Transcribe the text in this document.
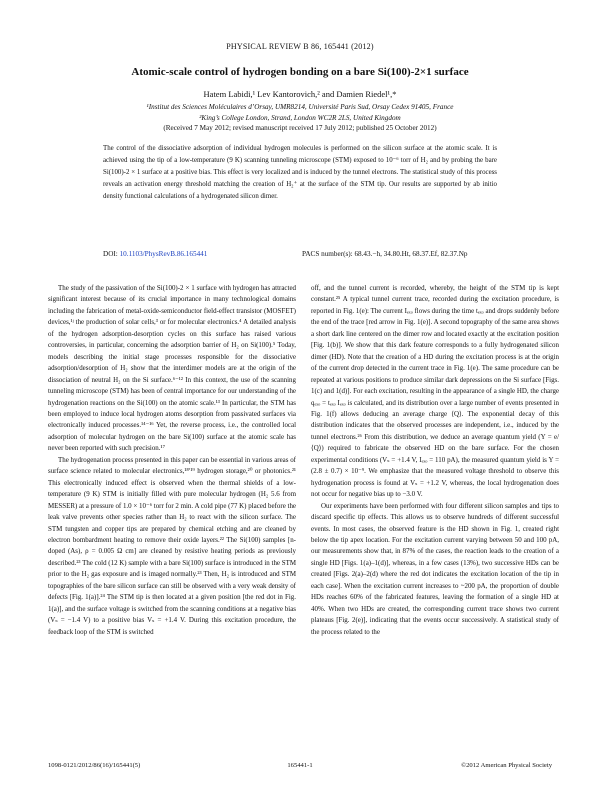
PHYSICAL REVIEW B 86, 165441 (2012)
Atomic-scale control of hydrogen bonding on a bare Si(100)-2×1 surface
Hatem Labidi,¹ Lev Kantorovich,² and Damien Riedel¹,*
¹Institut des Sciences Moléculaires d’Orsay, UMR8214, Université Paris Sud, Orsay Cedex 91405, France
²King’s College London, Strand, London WC2R 2LS, United Kingdom
(Received 7 May 2012; revised manuscript received 17 July 2012; published 25 October 2012)

The control of the dissociative adsorption of individual hydrogen molecules is performed on the silicon surface at the atomic scale. It is achieved using the tip of a low-temperature (9 K) scanning tunneling microscope (STM) exposed to 10⁻⁶ torr of H₂ and by probing the bare Si(100)-2 × 1 surface at a positive bias. This effect is very localized and is induced by the tunnel electrons. The statistical study of this process reveals an activation energy threshold matching the creation of H₂⁺ at the surface of the STM tip. Our results are supported by ab initio density functional calculations of a hydrogenated silicon dimer.

DOI: 10.1103/PhysRevB.86.165441	PACS number(s): 68.43.−h, 34.80.Ht, 68.37.Ef, 82.37.Np

The study of the passivation of the Si(100)-2 × 1 surface with hydrogen has attracted significant interest because of its crucial importance in many technological domains including the fabrication of metal-oxide-semiconductor field-effect transistor (MOSFET) devices,¹ʲ the production of solar cells,³ or for molecular electronics.⁴ A detailed analysis of the hydrogen adsorption-desorption cycles on this surface has raised various controversies, in particular, concerning the adsorption barrier of H₂ on Si(100).⁵ Today, models describing the initial stage processes responsible for the dissociative adsorption/desorption of H₂ show that the interdimer models are at the origin of the dissociation of neutral H₂ on the Si surface.⁶⁻¹² In this context, the use of the scanning tunneling microscope (STM) has been of central importance for our understanding of the hydrogenation reactions on the Si(100) on the atomic scale.¹³ In particular, the STM has been employed to induce local hydrogen atoms desorption from passivated surfaces via electronically induced processes.¹⁴⁻¹⁶ Yet, the reverse process, i.e., the controlled local adsorption of molecular hydrogen on the bare Si(100) surface at the atomic scale has never been reported with such precision.¹⁷

The hydrogenation process presented in this paper can be essential in various areas of surface science related to molecular electronics,¹⁸ʹ¹⁹ hydrogen storage,²⁰ or photonics.²¹ This electronically induced effect is observed when the thermal shields of a low-temperature (9 K) STM is initially filled with pure molecular hydrogen (H₂ 5.6 from MESSER) at a pressure of 1.0 × 10⁻⁶ torr for 2 min. A cold pipe (77 K) placed before the leak valve prevents other species rather than H₂ to react with the silicon surface. The STM tungsten and copper tips are prepared by chemical etching and are cleaned by electron bombardment heating to remove their oxide layers.²² The Si(100) samples [n-doped (As), ρ = 0.005 Ω cm] are cleaned by resistive heating periods as previously described.²³ The cold (12 K) sample with a bare Si(100) surface is introduced in the STM prior to the H₂ gas exposure and is imaged normally.²³ Then, H₂ is introduced and STM topographies of the bare silicon surface can still be observed with a very weak density of defects [Fig. 1(a)].²⁴ The STM tip is then located at a given position [the red dot in Fig. 1(a)], and the surface voltage is switched from the scanning conditions at a negative bias (Vₛ = −1.4 V) to a positive bias Vₛ = +1.4 V. During this excitation procedure, the feedback loop of the STM is switched

off, and the tunnel current is recorded, whereby, the height of the STM tip is kept constant.²⁵ A typical tunnel current trace, recorded during the excitation procedure, is reported in Fig. 1(e): The current Iₑₓₒ flows during the time tₑₓₒ and drops suddenly before the end of the trace [red arrow in Fig. 1(e)]. A second topography of the same area shows a short dark line centered on the dimer row and located exactly at the excitation position [Fig. 1(b)]. We show that this dark feature corresponds to a fully hydrogenated silicon dimer (HD). Note that the creation of a HD during the excitation process is at the origin of the current drop detected in the current trace in Fig. 1(e). The same procedure can be repeated at various positions to produce similar dark depressions on the Si surface [Figs. 1(c) and 1(d)]. For each excitation, resulting in the appearance of a single HD, the charge qₑₓₒ = tₑₓₒ Iₑₓₒ is calculated, and its distribution over a large number of events presented in Fig. 1(f) allows deducing an average charge ⟨Q⟩. The exponential decay of this distribution indicates that the observed processes are independent, i.e., induced by the tunnel electrons.²⁶ From this distribution, we deduce an average quantum yield (Y = e/⟨Q⟩) required to fabricate the observed HD on the bare surface. For the chosen experimental conditions (Vₛ = +1.4 V, Iₑₓₒ = 110 pA), the measured quantum yield is Y = (2.8 ± 0.7) × 10⁻⁹. We emphasize that the measured voltage threshold to observe this hydrogenation process is found at Vₛ = +1.2 V, whereas, the local hydrogenation does not occur for negative bias up to −3.0 V.

Our experiments have been performed with four different silicon samples and tips to discard specific tip effects. This allows us to observe hundreds of different successful events. In most cases, the observed feature is the HD shown in Fig. 1, created right below the tip apex location. For the excitation current varying between 50 and 100 pA, our measurements show that, in 87% of the cases, the reaction leads to the creation of a single HD [Figs. 1(a)–1(d)], whereas, in a few cases (13%), two successive HDs can be created [Figs. 2(a)–2(d) where the red dot indicates the excitation location of the tip in each case]. When the excitation current increases to ~200 pA, the proportion of double HDs reaches 60% of the fabricated features, leaving the formation of a single HD at 40%. When two HDs are created, the corresponding current trace shows two current plateaus [Fig. 2(e)], indicating that the events occur successively. A statistical study of the process related to the

1098-0121/2012/86(16)/165441(5)	165441-1	©2012 American Physical Society
